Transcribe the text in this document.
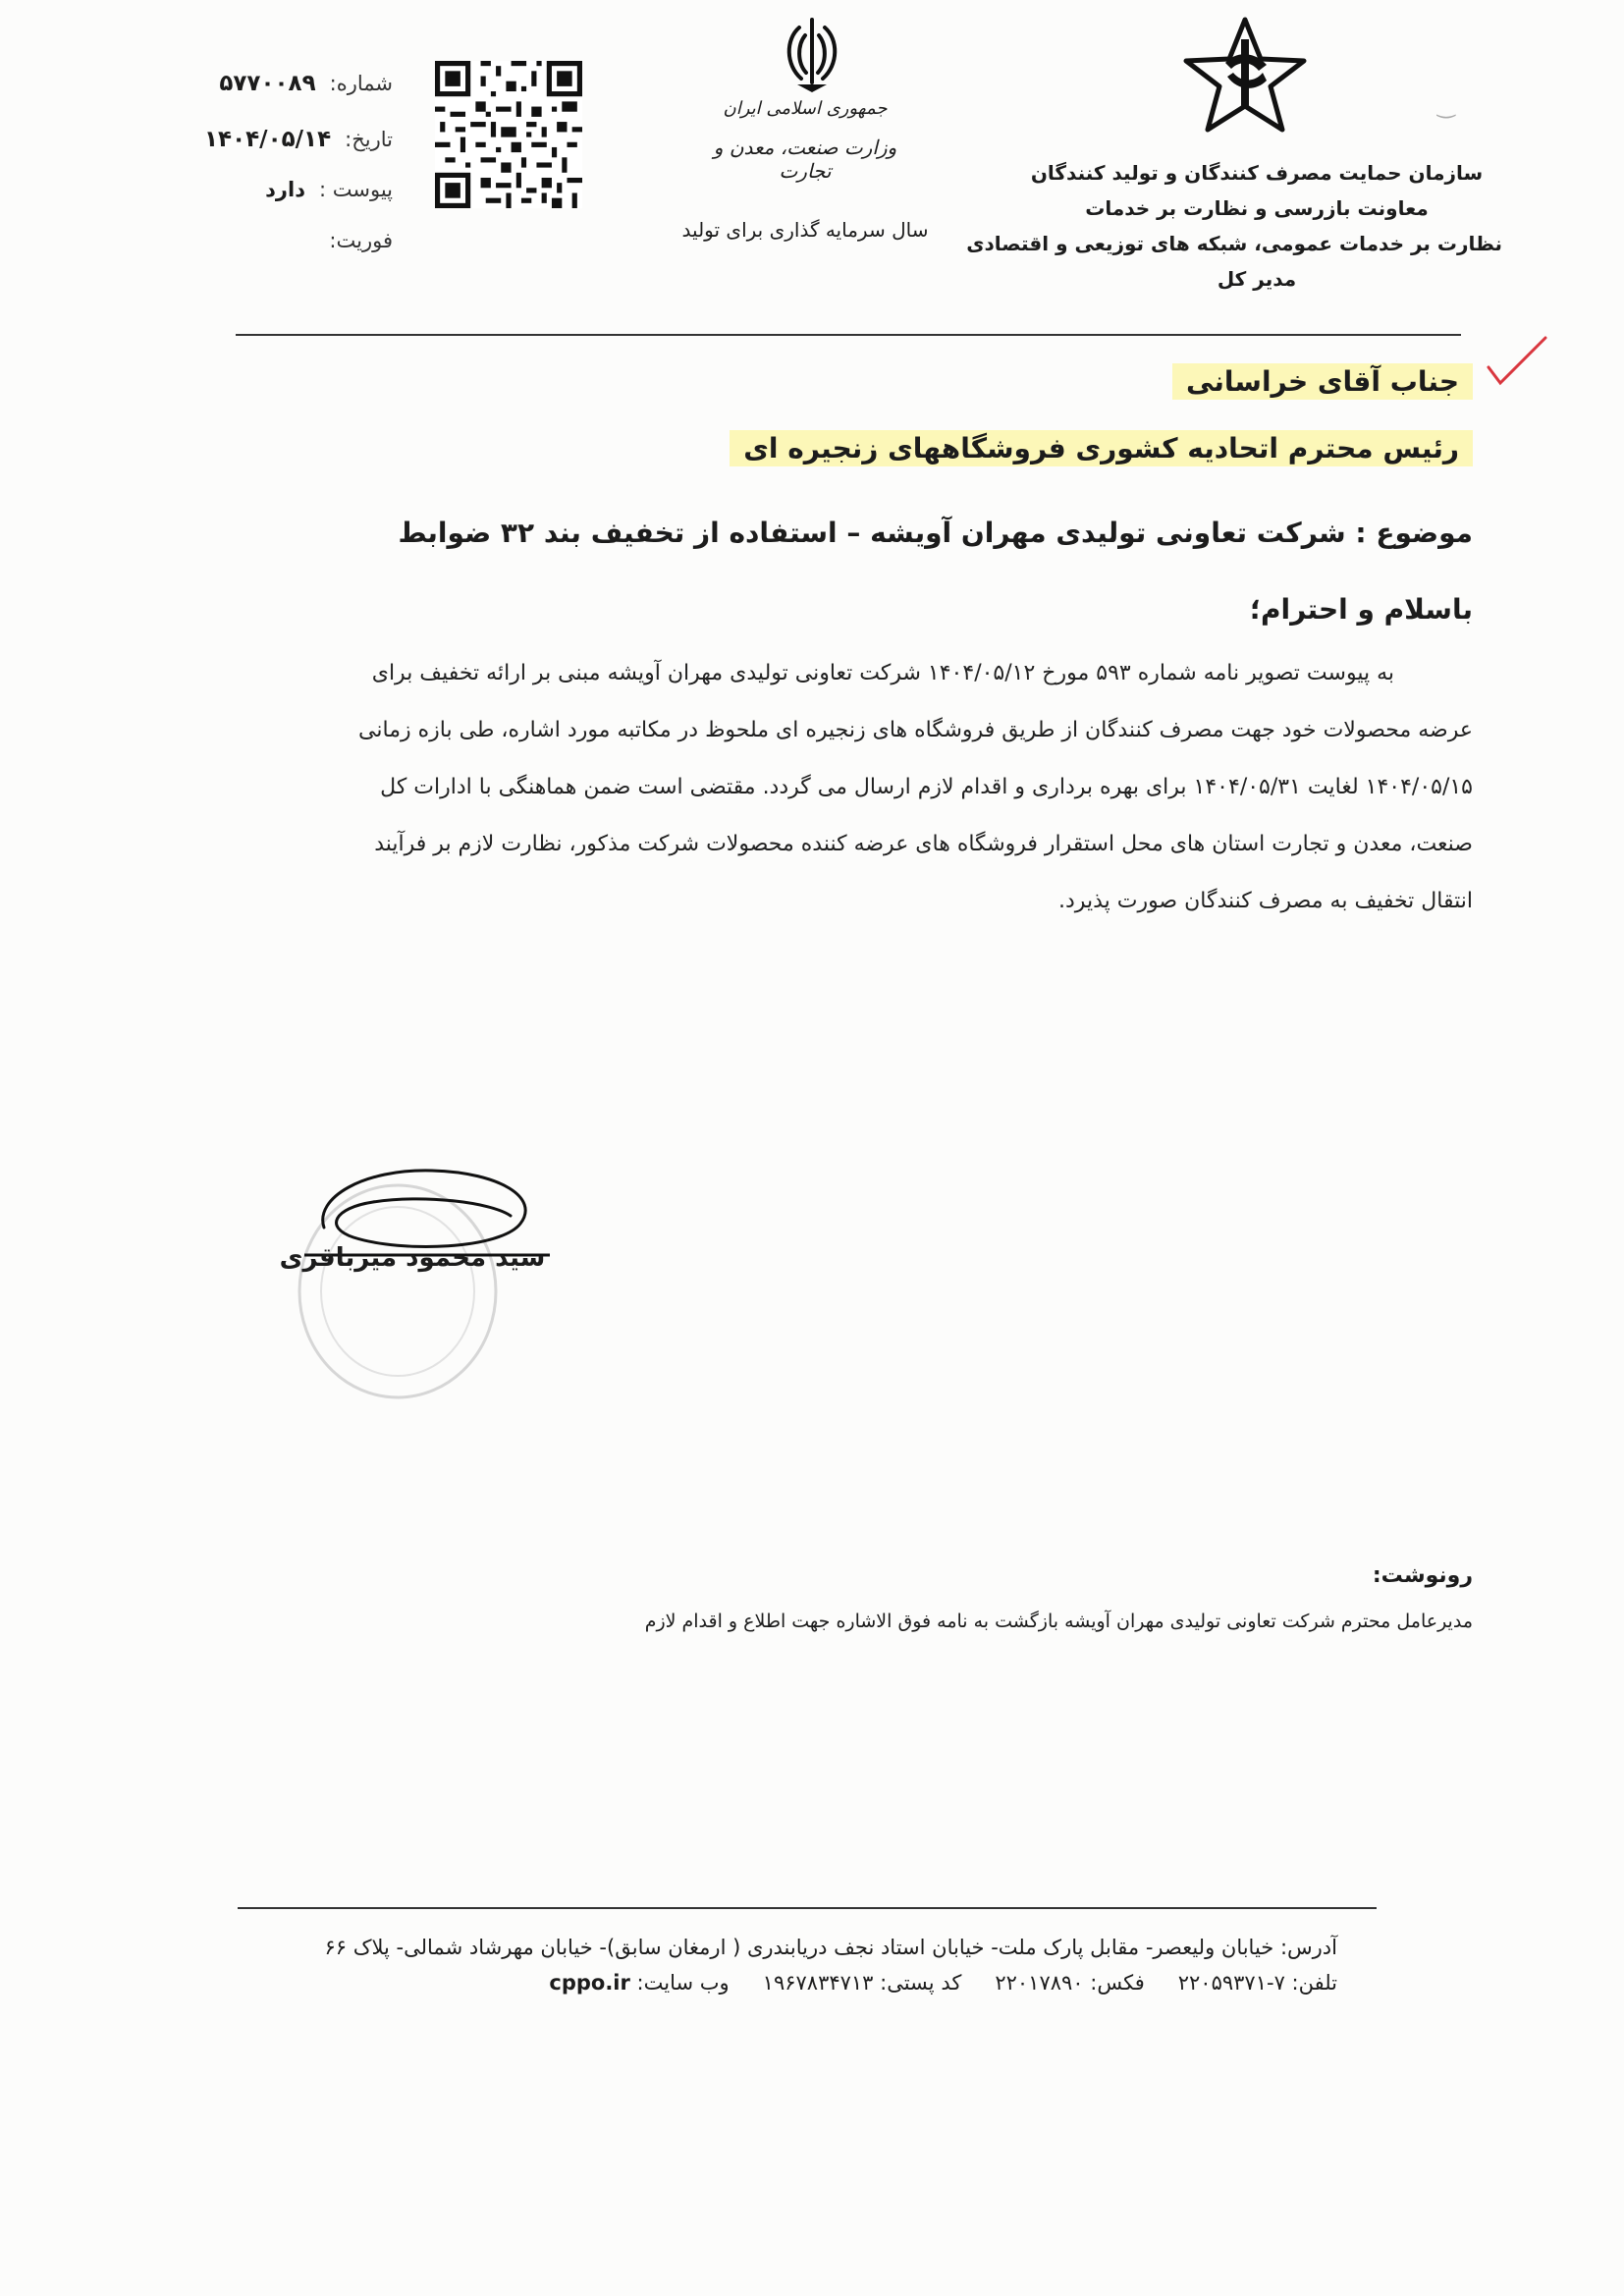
شماره:
۵۷۷۰۰۸۹
تاریخ:
۱۴۰۴/۰۵/۱۴
پیوست :
دارد
فوریت:
جمهوری اسلامی ایران
وزارت صنعت، معدن و تجارت
سال سرمایه گذاری برای تولید
‿
سازمان حمایت مصرف کنندگان و تولید کنندگان
معاونت بازرسی و نظارت بر خدمات
نظارت بر خدمات عمومی، شبکه های توزیعی و اقتصادی
مدیر کل
جناب آقای خراسانی
رئیس محترم اتحادیه کشوری فروشگاههای زنجیره ای
موضوع : شرکت تعاونی تولیدی مهران آویشه – استفاده از تخفیف بند ۳۲ ضوابط
باسلام و احترام؛
به پیوست تصویر نامه شماره ۵۹۳ مورخ ۱۴۰۴/۰۵/۱۲ شرکت تعاونی تولیدی مهران آویشه مبنی بر ارائه تخفیف برای
عرضه محصولات خود جهت مصرف کنندگان از طریق فروشگاه های زنجیره ای ملحوظ در مکاتبه مورد اشاره، طی بازه زمانی
۱۴۰۴/۰۵/۱۵ لغایت ۱۴۰۴/۰۵/۳۱ برای بهره برداری و اقدام لازم ارسال می گردد. مقتضی است ضمن هماهنگی با ادارات کل
صنعت، معدن و تجارت استان های محل استقرار فروشگاه های عرضه کننده محصولات شرکت مذکور، نظارت لازم بر فرآیند
انتقال تخفیف به مصرف کنندگان صورت پذیرد.
سید محمود میرباقری
رونوشت:
مدیرعامل محترم شرکت تعاونی تولیدی مهران آویشه بازگشت به نامه فوق الاشاره جهت اطلاع و اقدام لازم
آدرس: خیابان ولیعصر- مقابل پارک ملت- خیابان استاد نجف دریابندری ( ارمغان سابق)- خیابان مهرشاد شمالی- پلاک ۶۶
تلفن: ۷-۲۲۰۵۹۳۷۱
فکس: ۲۲۰۱۷۸۹۰
کد پستی: ۱۹۶۷۸۳۴۷۱۳
وب سایت: cppo.ir
